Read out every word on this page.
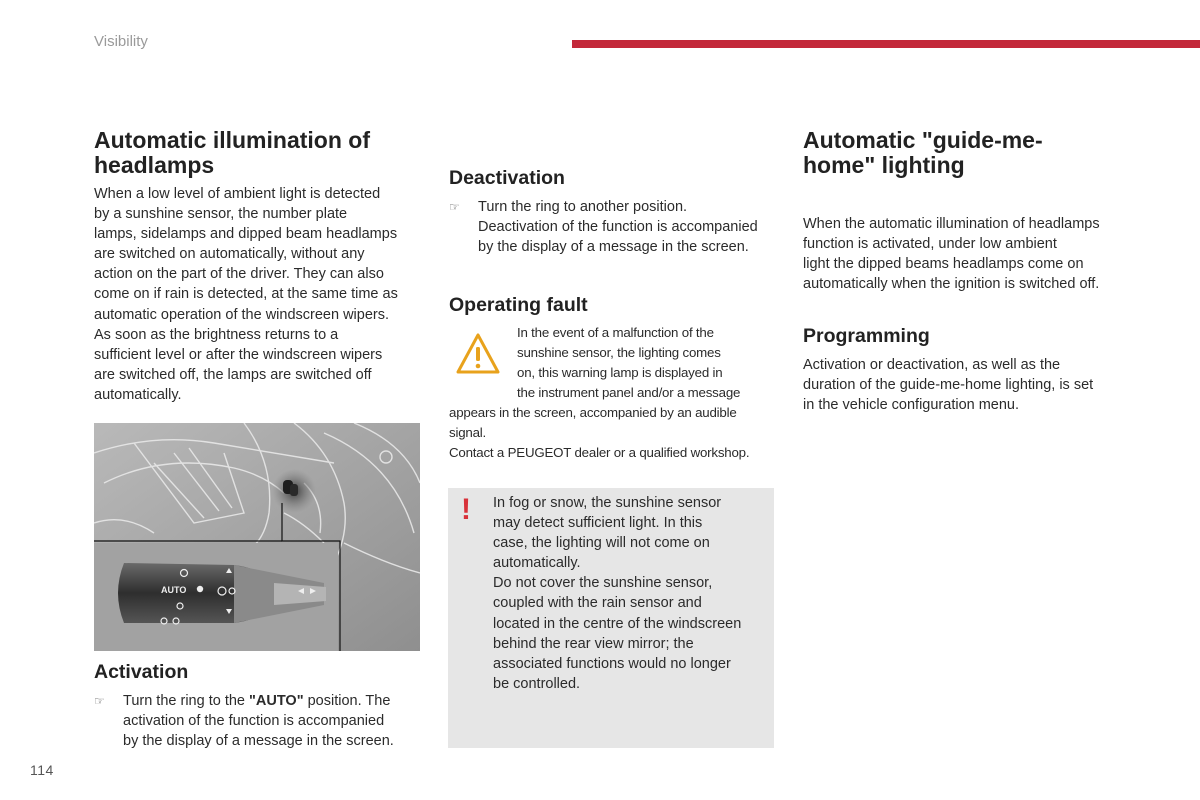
Visibility
Automatic illumination of
headlamps
When a low level of ambient light is detected
by a sunshine sensor, the number plate
lamps, sidelamps and dipped beam headlamps
are switched on automatically, without any
action on the part of the driver. They can also
come on if rain is detected, at the same time as
automatic operation of the windscreen wipers.
As soon as the brightness returns to a
sufficient level or after the windscreen wipers
are switched off, the lamps are switched off
automatically.
AUTO
Activation
☞	Turn the ring to the "AUTO" position. The
activation of the function is accompanied
by the display of a message in the screen.
Deactivation
☞	Turn the ring to another position.
Deactivation of the function is accompanied
by the display of a message in the screen.
Operating fault
In the event of a malfunction of the
sunshine sensor, the lighting comes
on, this warning lamp is displayed in
the instrument panel and/or a message
appears in the screen, accompanied by an audible
signal.
Contact a PEUGEOT dealer or a qualified workshop.
! In fog or snow, the sunshine sensor
may detect sufficient light. In this
case, the lighting will not come on
automatically.
Do not cover the sunshine sensor,
coupled with the rain sensor and
located in the centre of the windscreen
behind the rear view mirror; the
associated functions would no longer
be controlled.
Automatic "guide-me-
home" lighting
When the automatic illumination of headlamps
function is activated, under low ambient
light the dipped beams headlamps come on
automatically when the ignition is switched off.
Programming
Activation or deactivation, as well as the
duration of the guide-me-home lighting, is set
in the vehicle configuration menu.
114
